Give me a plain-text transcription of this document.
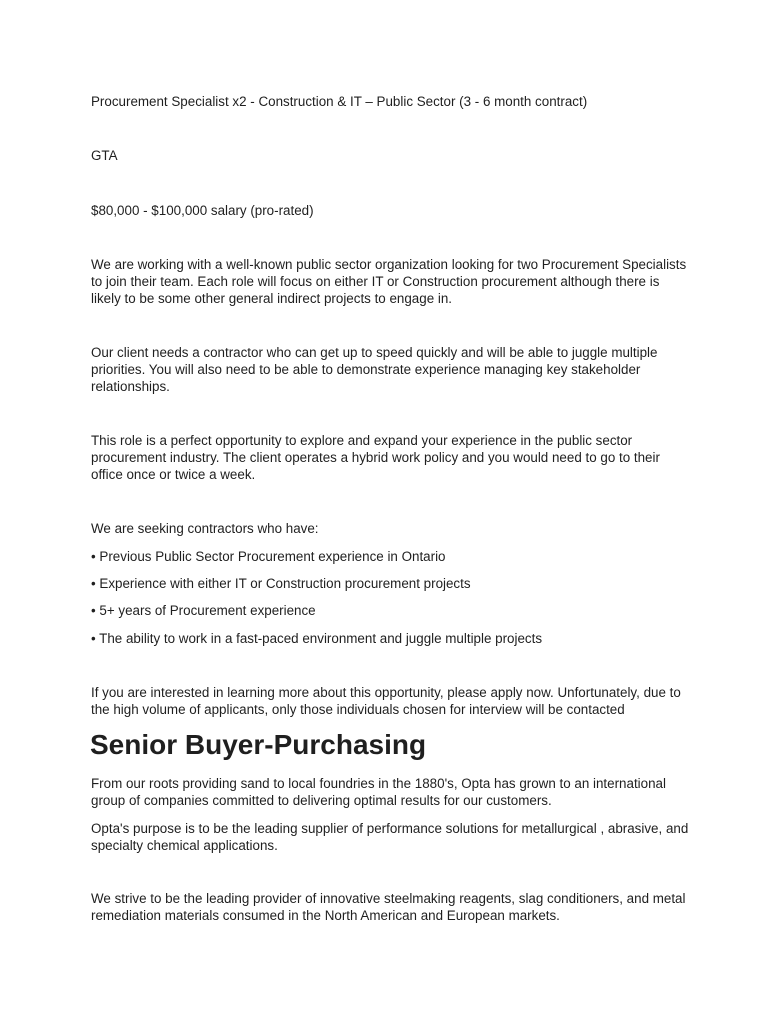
Procurement Specialist x2 - Construction & IT – Public Sector (3 - 6 month contract)

GTA

$80,000 - $100,000 salary (pro-rated)

We are working with a well-known public sector organization looking for two Procurement Specialists to join their team. Each role will focus on either IT or Construction procurement although there is likely to be some other general indirect projects to engage in.

Our client needs a contractor who can get up to speed quickly and will be able to juggle multiple priorities. You will also need to be able to demonstrate experience managing key stakeholder relationships.

This role is a perfect opportunity to explore and expand your experience in the public sector procurement industry. The client operates a hybrid work policy and you would need to go to their office once or twice a week.

We are seeking contractors who have:

• Previous Public Sector Procurement experience in Ontario

• Experience with either IT or Construction procurement projects

• 5+ years of Procurement experience

• The ability to work in a fast-paced environment and juggle multiple projects

If you are interested in learning more about this opportunity, please apply now. Unfortunately, due to the high volume of applicants, only those individuals chosen for interview will be contacted

Senior Buyer-Purchasing

From our roots providing sand to local foundries in the 1880's, Opta has grown to an international group of companies committed to delivering optimal results for our customers.

Opta's purpose is to be the leading supplier of performance solutions for metallurgical , abrasive, and specialty chemical applications.

We strive to be the leading provider of innovative steelmaking reagents, slag conditioners, and metal remediation materials consumed in the North American and European markets.
